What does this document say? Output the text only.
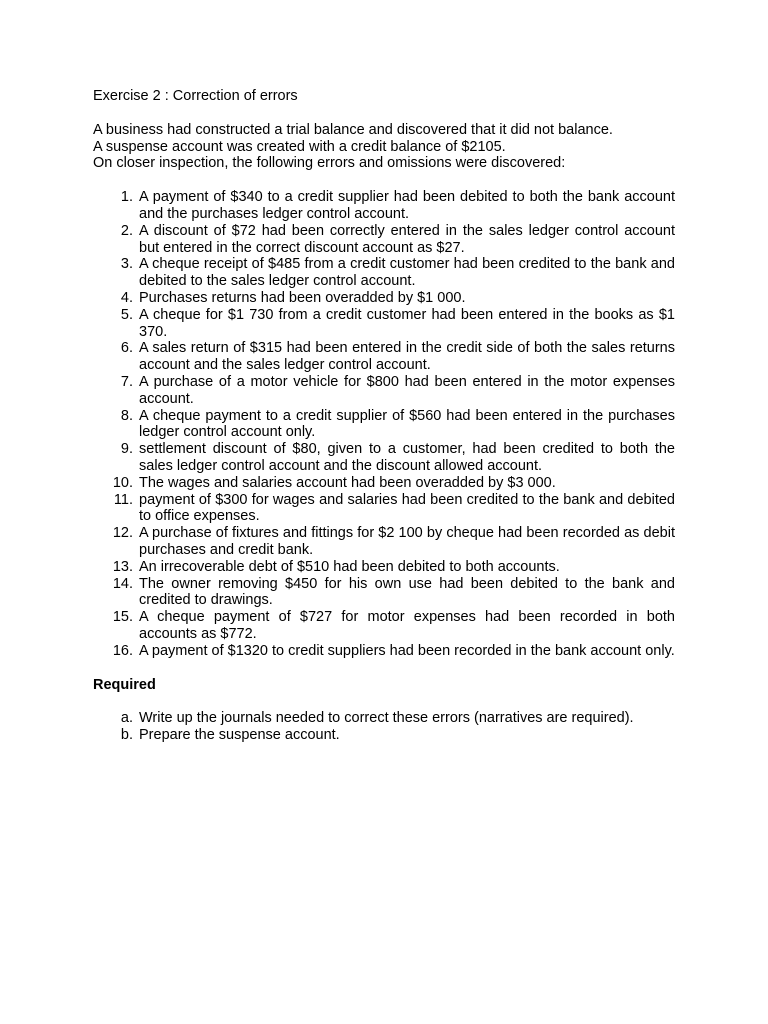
Exercise 2 : Correction of errors

A business had constructed a trial balance and discovered that it did not balance.

A suspense account was created with a credit balance of $2105.

On closer inspection, the following errors and omissions were discovered:

1. A payment of $340 to a credit supplier had been debited to both the bank account and the purchases ledger control account.
2. A discount of $72 had been correctly entered in the sales ledger control account but entered in the correct discount account as $27.
3. A cheque receipt of $485 from a credit customer had been credited to the bank and debited to the sales ledger control account.
4. Purchases returns had been overadded by $1 000.
5. A cheque for $1 730 from a credit customer had been entered in the books as $1 370.
6. A sales return of $315 had been entered in the credit side of both the sales returns account and the sales ledger control account.
7. A purchase of a motor vehicle for $800 had been entered in the motor expenses account.
8. A cheque payment to a credit supplier of $560 had been entered in the purchases ledger control account only.
9. settlement discount of $80, given to a customer, had been credited to both the sales ledger control account and the discount allowed account.
10. The wages and salaries account had been overadded by $3 000.
11. payment of $300 for wages and salaries had been credited to the bank and debited to office expenses.
12. A purchase of fixtures and fittings for $2 100 by cheque had been recorded as debit purchases and credit bank.
13. An irrecoverable debt of $510 had been debited to both accounts.
14. The owner removing $450 for his own use had been debited to the bank and credited to drawings.
15. A cheque payment of $727 for motor expenses had been recorded in both accounts as $772.
16. A payment of $1320 to credit suppliers had been recorded in the bank account only.

Required

a. Write up the journals needed to correct these errors (narratives are required).
b. Prepare the suspense account.
